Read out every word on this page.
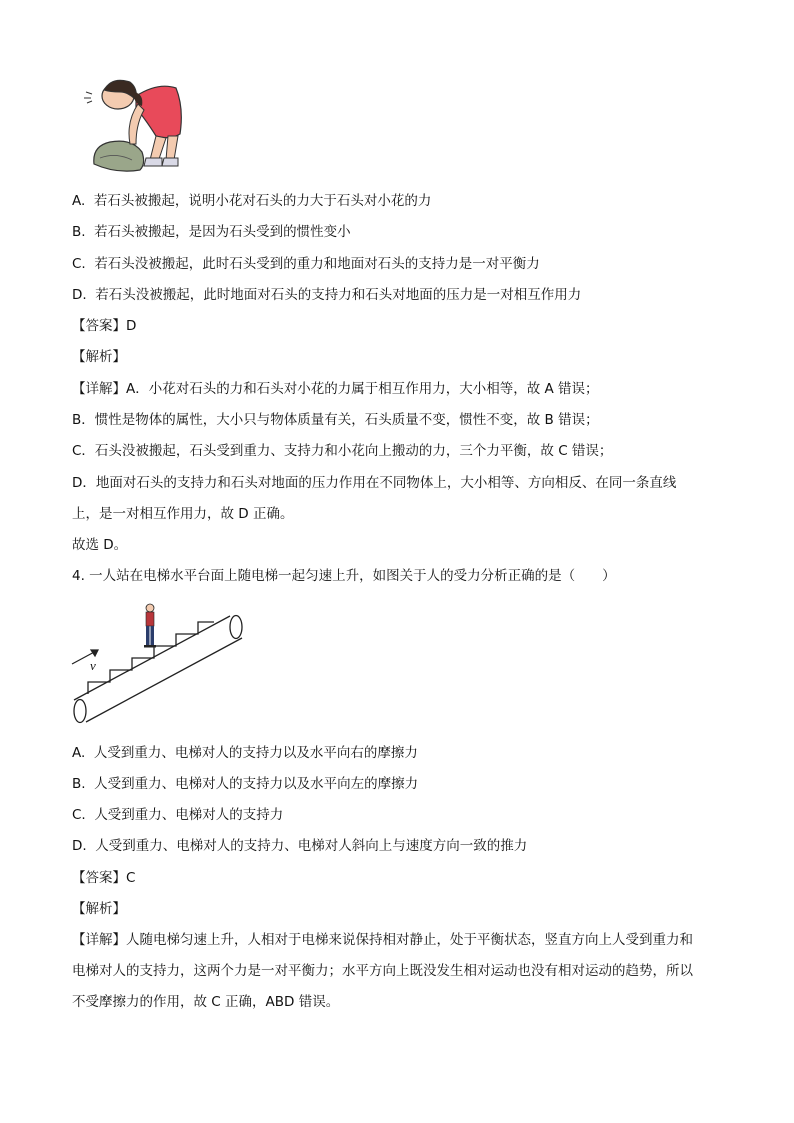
A. 若石头被搬起，说明小花对石头的力大于石头对小花的力
B. 若石头被搬起，是因为石头受到的惯性变小
C. 若石头没被搬起，此时石头受到的重力和地面对石头的支持力是一对平衡力
D. 若石头没被搬起，此时地面对石头的支持力和石头对地面的压力是一对相互作用力
【答案】D
【解析】
【详解】A．小花对石头的力和石头对小花的力属于相互作用力，大小相等，故 A 错误；
B．惯性是物体的属性，大小只与物体质量有关，石头质量不变，惯性不变，故 B 错误；
C．石头没被搬起，石头受到重力、支持力和小花向上搬动的力，三个力平衡，故 C 错误；
D．地面对石头的支持力和石头对地面的压力作用在不同物体上，大小相等、方向相反、在同一条直线
上，是一对相互作用力，故 D 正确。
故选 D。
4. 一人站在电梯水平台面上随电梯一起匀速上升，如图关于人的受力分析正确的是（　　）
v
A. 人受到重力、电梯对人的支持力以及水平向右的摩擦力
B. 人受到重力、电梯对人的支持力以及水平向左的摩擦力
C. 人受到重力、电梯对人的支持力
D. 人受到重力、电梯对人的支持力、电梯对人斜向上与速度方向一致的推力
【答案】C
【解析】
【详解】人随电梯匀速上升，人相对于电梯来说保持相对静止，处于平衡状态，竖直方向上人受到重力和
电梯对人的支持力，这两个力是一对平衡力；水平方向上既没发生相对运动也没有相对运动的趋势，所以
不受摩擦力的作用，故 C 正确，ABD 错误。
